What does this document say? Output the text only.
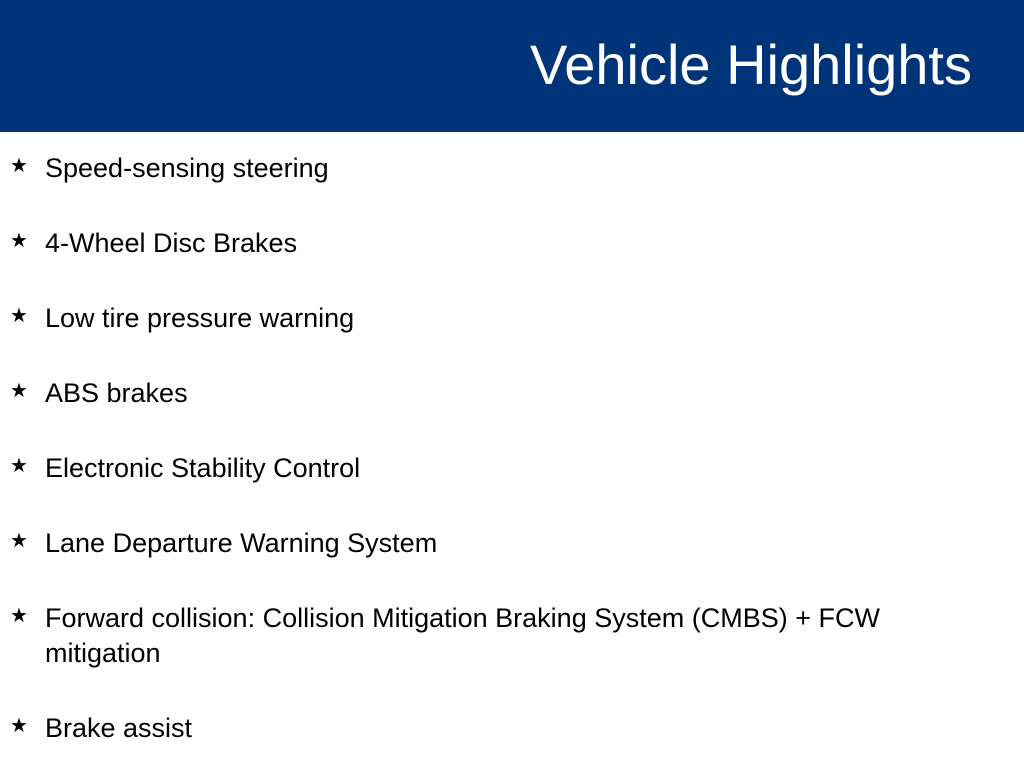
Vehicle Highlights
★ Speed-sensing steering
★ 4-Wheel Disc Brakes
★ Low tire pressure warning
★ ABS brakes
★ Electronic Stability Control
★ Lane Departure Warning System
★ Forward collision: Collision Mitigation Braking System (CMBS) + FCW mitigation
★ Brake assist
